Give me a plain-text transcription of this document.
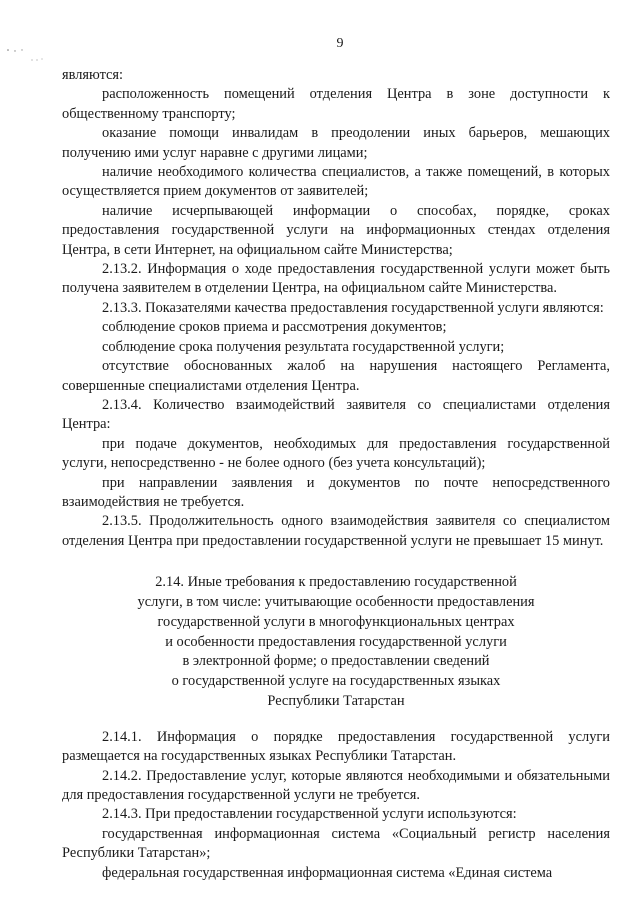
9

являются:

расположенность помещений отделения Центра в зоне доступности к общественному транспорту;

оказание помощи инвалидам в преодолении иных барьеров, мешающих получению ими услуг наравне с другими лицами;

наличие необходимого количества специалистов, а также помещений, в которых осуществляется прием документов от заявителей;

наличие исчерпывающей информации о способах, порядке, сроках предоставления государственной услуги на информационных стендах отделения Центра, в сети Интернет, на официальном сайте Министерства;

2.13.2. Информация о ходе предоставления государственной услуги может быть получена заявителем в отделении Центра, на официальном сайте Министерства.

2.13.3. Показателями качества предоставления государственной услуги являются:

соблюдение сроков приема и рассмотрения документов;

соблюдение срока получения результата государственной услуги;

отсутствие обоснованных жалоб на нарушения настоящего Регламента, совершенные специалистами отделения Центра.

2.13.4. Количество взаимодействий заявителя со специалистами отделения Центра:

при подаче документов, необходимых для предоставления государственной услуги, непосредственно - не более одного (без учета консультаций);

при направлении заявления и документов по почте непосредственного взаимодействия не требуется.

2.13.5. Продолжительность одного взаимодействия заявителя со специалистом отделения Центра при предоставлении государственной услуги не превышает 15 минут.

2.14. Иные требования к предоставлению государственной
услуги, в том числе: учитывающие особенности предоставления
государственной услуги в многофункциональных центрах
и особенности предоставления государственной услуги
в электронной форме; о предоставлении сведений
о государственной услуге на государственных языках
Республики Татарстан

2.14.1. Информация о порядке предоставления государственной услуги размещается на государственных языках Республики Татарстан.

2.14.2. Предоставление услуг, которые являются необходимыми и обязательными для предоставления государственной услуги не требуется.

2.14.3. При предоставлении государственной услуги используются:

государственная информационная система «Социальный регистр населения Республики Татарстан»;

федеральная государственная информационная система «Единая система
